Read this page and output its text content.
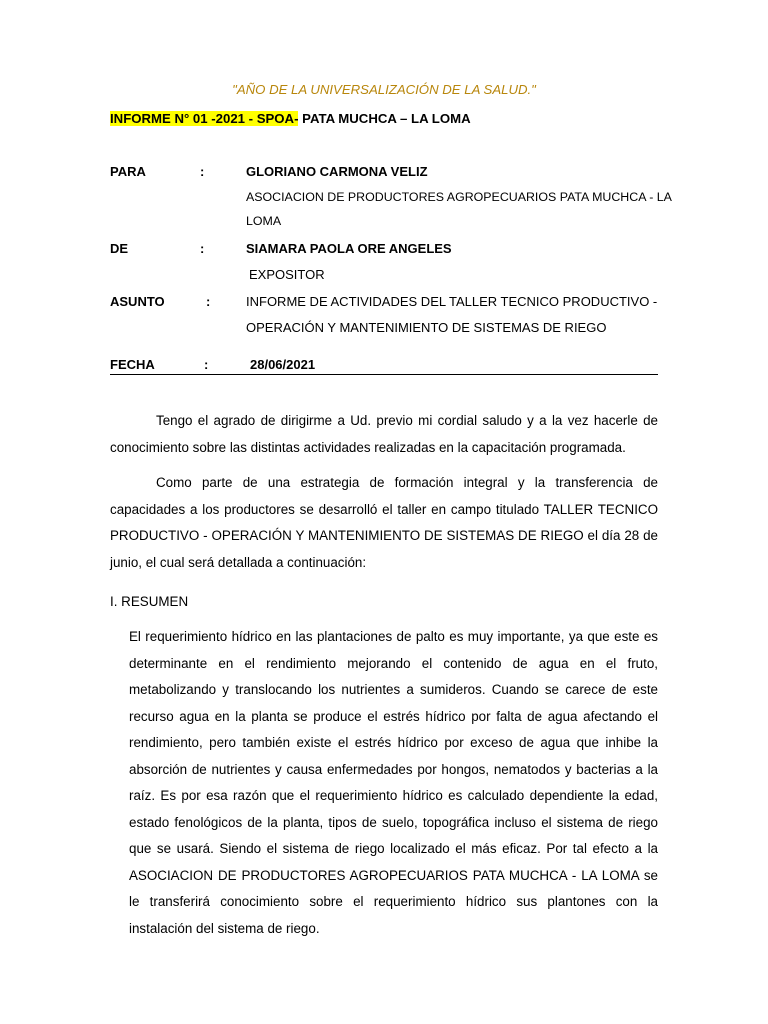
"AÑO DE LA UNIVERSALIZACIÓN DE LA SALUD."
INFORME N° 01 -2021 - SPOA- PATA MUCHCA – LA LOMA
PARA	:	GLORIANO CARMONA VELIZ
ASOCIACION DE PRODUCTORES AGROPECUARIOS PATA MUCHCA - LA
LOMA
DE	:	SIAMARA PAOLA ORE ANGELES
EXPOSITOR
ASUNTO	:	INFORME DE ACTIVIDADES DEL TALLER TECNICO PRODUCTIVO -
OPERACIÓN Y MANTENIMIENTO DE SISTEMAS DE RIEGO
FECHA	:	28/06/2021

Tengo el agrado de dirigirme a Ud. previo mi cordial saludo y a la vez hacerle de conocimiento sobre las distintas actividades realizadas en la capacitación programada.

Como parte de una estrategia de formación integral y la transferencia de capacidades a los productores se desarrolló el taller en campo titulado TALLER TECNICO PRODUCTIVO - OPERACIÓN Y MANTENIMIENTO DE SISTEMAS DE RIEGO el día 28 de junio, el cual será detallada a continuación:

I. RESUMEN

El requerimiento hídrico en las plantaciones de palto es muy importante, ya que este es determinante en el rendimiento mejorando el contenido de agua en el fruto, metabolizando y translocando los nutrientes a sumideros. Cuando se carece de este recurso agua en la planta se produce el estrés hídrico por falta de agua afectando el rendimiento, pero también existe el estrés hídrico por exceso de agua que inhibe la absorción de nutrientes y causa enfermedades por hongos, nematodos y bacterias a la raíz. Es por esa razón que el requerimiento hídrico es calculado dependiente la edad, estado fenológicos de la planta, tipos de suelo, topográfica incluso el sistema de riego que se usará. Siendo el sistema de riego localizado el más eficaz. Por tal efecto a la ASOCIACION DE PRODUCTORES AGROPECUARIOS PATA MUCHCA - LA LOMA se le transferirá conocimiento sobre el requerimiento hídrico sus plantones con la instalación del sistema de riego.
